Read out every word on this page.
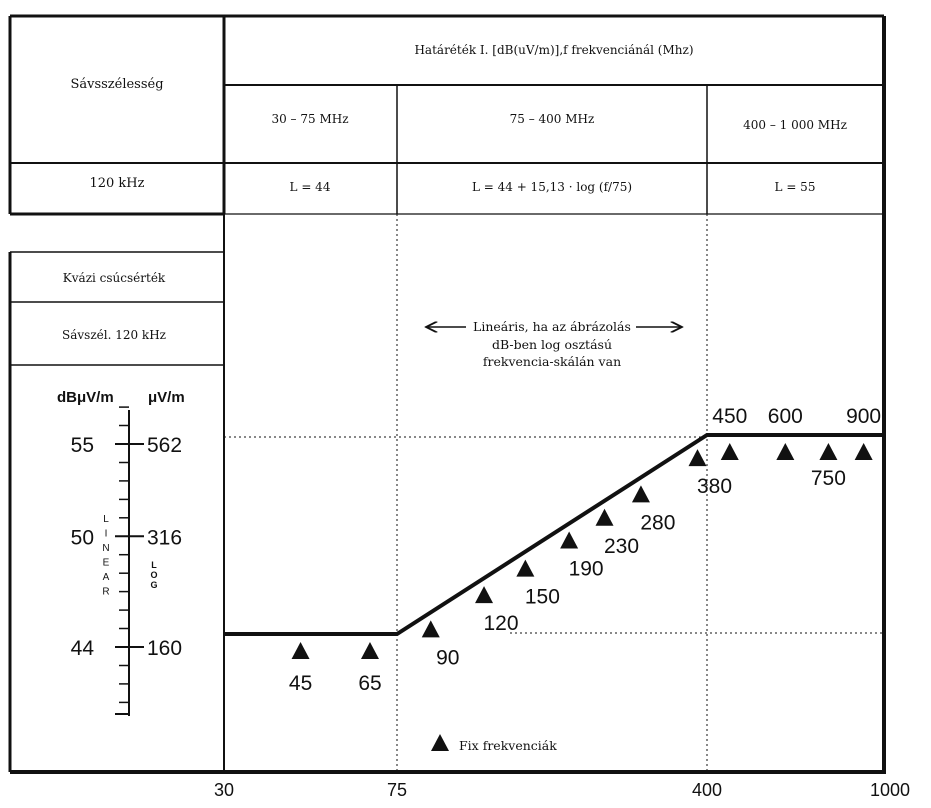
Sávsszélesség
120 kHz
Határéték I. [dB(uV/m)],f frekvenciánál (Mhz)
30 – 75 MHz	75 – 400 MHz	400 – 1 000 MHz
L = 44	L = 44 + 15,13 · log (f/75)	L = 55
Kvázi csúcsérték
Sávszél. 120 kHz
45 65
90
120
150
190
230
280
380
450 600
750
900
30	75	400	1000
dBμV/m μV/m
44	160
50	316
55	562
L
I
N
E
A
R
L
O
G
Lineáris, ha az ábrázolás
dB-ben log osztású
frekvencia-skálán van
Fix frekvenciák
